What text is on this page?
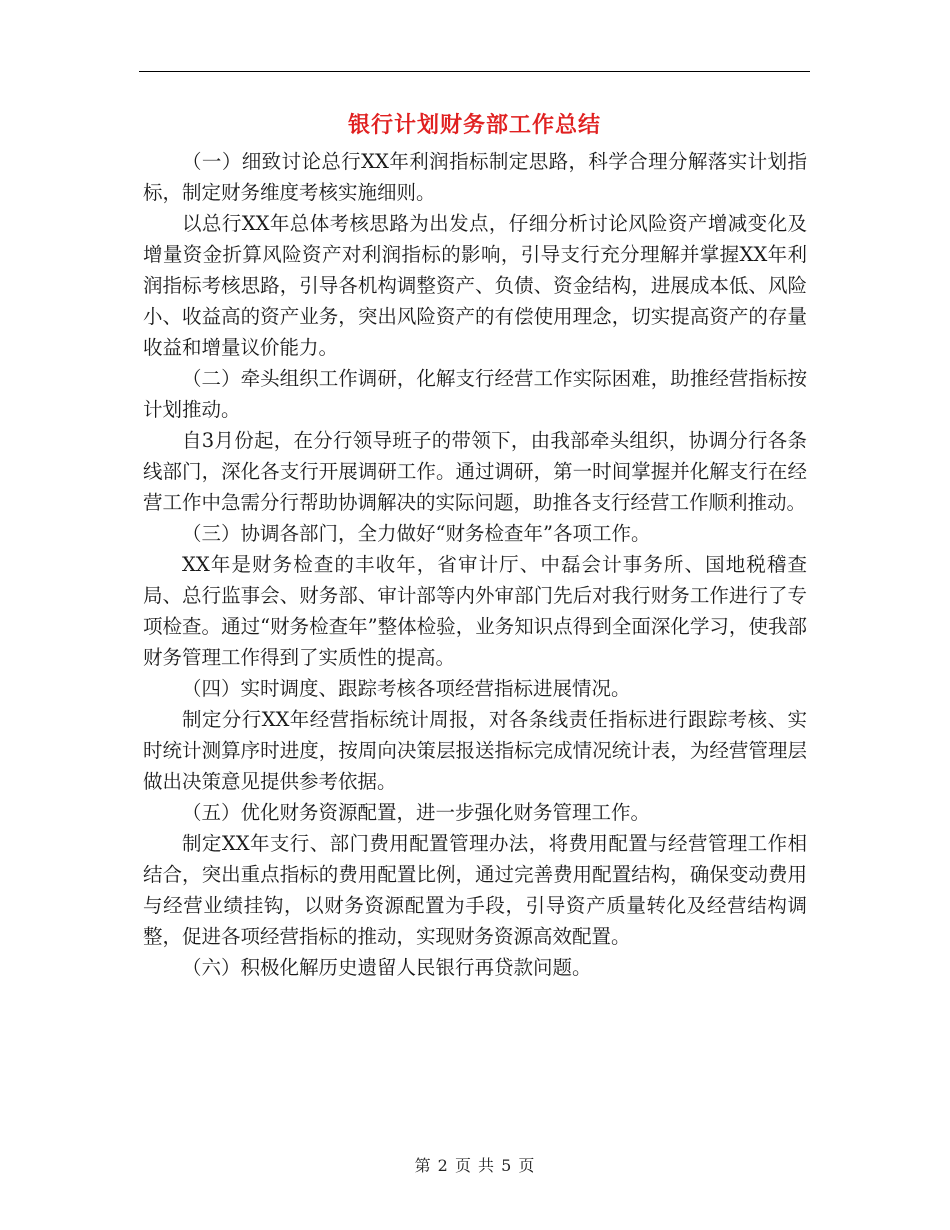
银行计划财务部工作总结

（一）细致讨论总行XX年利润指标制定思路，科学合理分解落实计划指标，制定财务维度考核实施细则。

以总行XX年总体考核思路为出发点，仔细分析讨论风险资产增减变化及增量资金折算风险资产对利润指标的影响，引导支行充分理解并掌握XX年利润指标考核思路，引导各机构调整资产、负债、资金结构，进展成本低、风险小、收益高的资产业务，突出风险资产的有偿使用理念，切实提高资产的存量收益和增量议价能力。

（二）牵头组织工作调研，化解支行经营工作实际困难，助推经营指标按计划推动。

自3月份起，在分行领导班子的带领下，由我部牵头组织，协调分行各条线部门，深化各支行开展调研工作。通过调研，第一时间掌握并化解支行在经营工作中急需分行帮助协调解决的实际问题，助推各支行经营工作顺利推动。

（三）协调各部门，全力做好“财务检查年”各项工作。

XX年是财务检查的丰收年，省审计厅、中磊会计事务所、国地税稽查局、总行监事会、财务部、审计部等内外审部门先后对我行财务工作进行了专项检查。通过“财务检查年”整体检验，业务知识点得到全面深化学习，使我部财务管理工作得到了实质性的提高。

（四）实时调度、跟踪考核各项经营指标进展情况。

制定分行XX年经营指标统计周报，对各条线责任指标进行跟踪考核、实时统计测算序时进度，按周向决策层报送指标完成情况统计表，为经营管理层做出决策意见提供参考依据。

（五）优化财务资源配置，进一步强化财务管理工作。

制定XX年支行、部门费用配置管理办法，将费用配置与经营管理工作相结合，突出重点指标的费用配置比例，通过完善费用配置结构，确保变动费用与经营业绩挂钩，以财务资源配置为手段，引导资产质量转化及经营结构调整，促进各项经营指标的推动，实现财务资源高效配置。

（六）积极化解历史遗留人民银行再贷款问题。

第 2 页 共 5 页
